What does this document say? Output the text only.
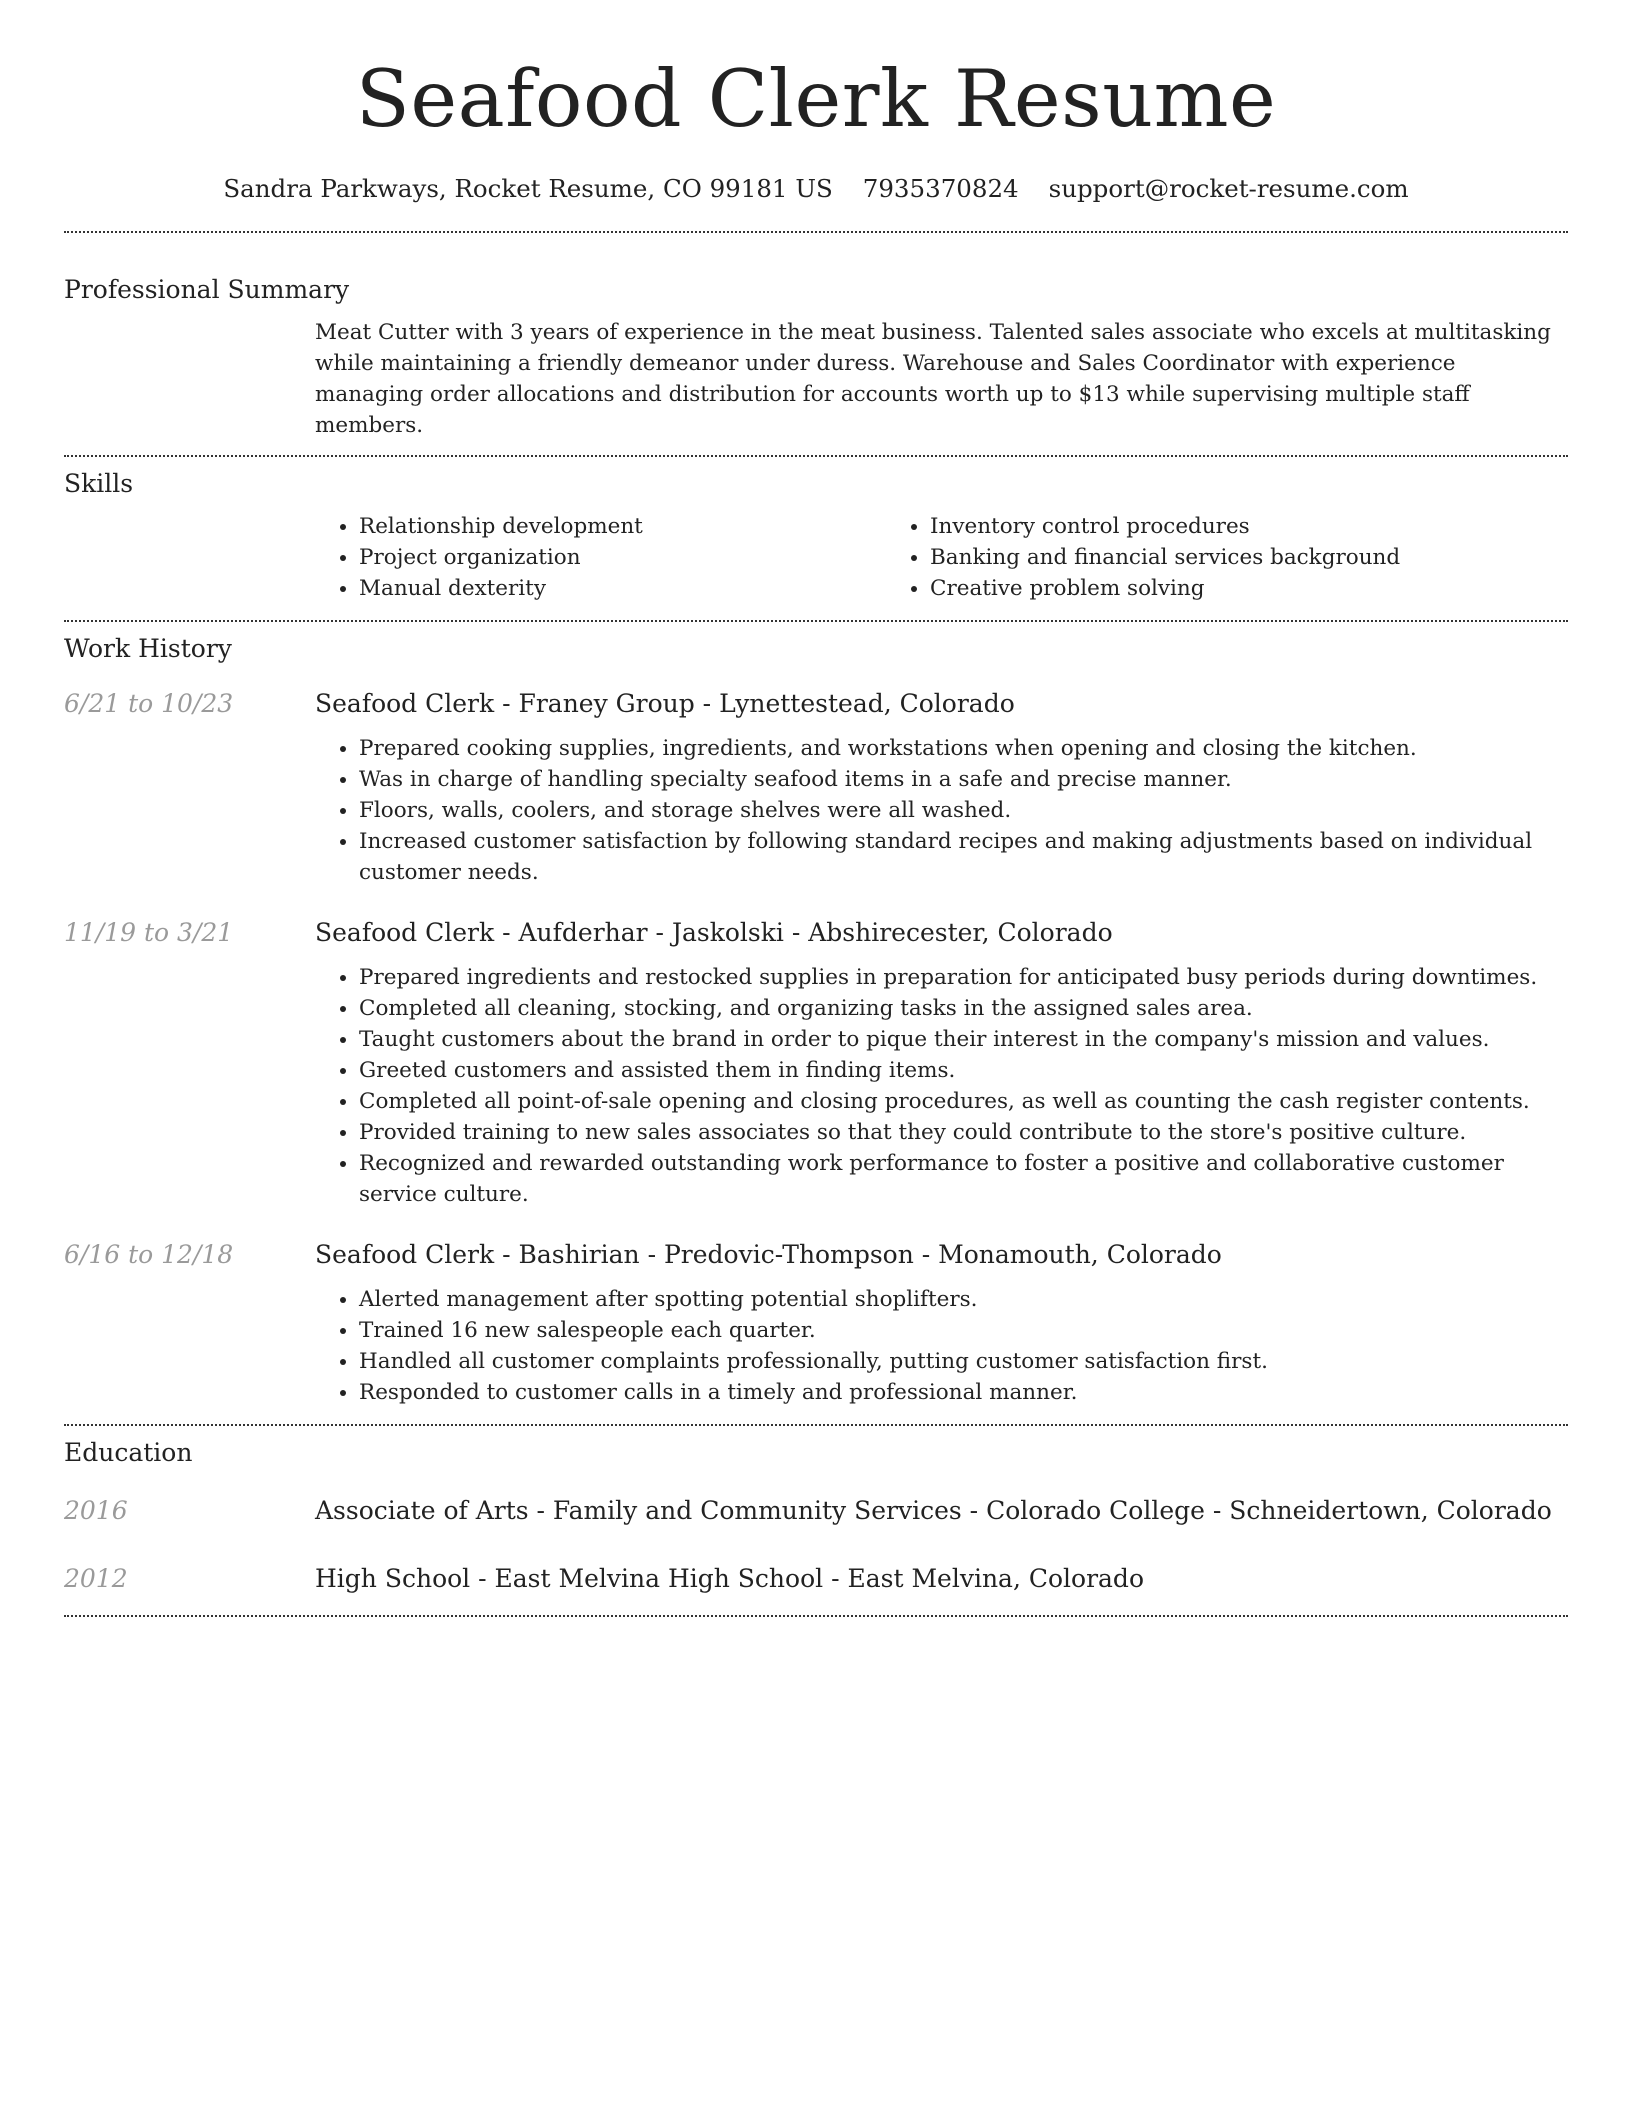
Seafood Clerk Resume
Sandra Parkways, Rocket Resume, CO 99181 US 7935370824 support@rocket-resume.com
Professional Summary
Meat Cutter with 3 years of experience in the meat business. Talented sales associate who excels at multitasking while maintaining a friendly demeanor under duress. Warehouse and Sales Coordinator with experience managing order allocations and distribution for accounts worth up to $13 while supervising multiple staff members.
Skills
• Relationship development
• Project organization
• Manual dexterity
• Inventory control procedures
• Banking and financial services background
• Creative problem solving
Work History
6/21 to 10/23	Seafood Clerk - Franey Group - Lynettestead, Colorado
• Prepared cooking supplies, ingredients, and workstations when opening and closing the kitchen.
• Was in charge of handling specialty seafood items in a safe and precise manner.
• Floors, walls, coolers, and storage shelves were all washed.
• Increased customer satisfaction by following standard recipes and making adjustments based on individual customer needs.
11/19 to 3/21	Seafood Clerk - Aufderhar - Jaskolski - Abshirecester, Colorado
• Prepared ingredients and restocked supplies in preparation for anticipated busy periods during downtimes.
• Completed all cleaning, stocking, and organizing tasks in the assigned sales area.
• Taught customers about the brand in order to pique their interest in the company's mission and values.
• Greeted customers and assisted them in finding items.
• Completed all point-of-sale opening and closing procedures, as well as counting the cash register contents.
• Provided training to new sales associates so that they could contribute to the store's positive culture.
• Recognized and rewarded outstanding work performance to foster a positive and collaborative customer service culture.
6/16 to 12/18	Seafood Clerk - Bashirian - Predovic-Thompson - Monamouth, Colorado
• Alerted management after spotting potential shoplifters.
• Trained 16 new salespeople each quarter.
• Handled all customer complaints professionally, putting customer satisfaction first.
• Responded to customer calls in a timely and professional manner.
Education
2016	Associate of Arts - Family and Community Services - Colorado College - Schneidertown, Colorado
2012	High School - East Melvina High School - East Melvina, Colorado
